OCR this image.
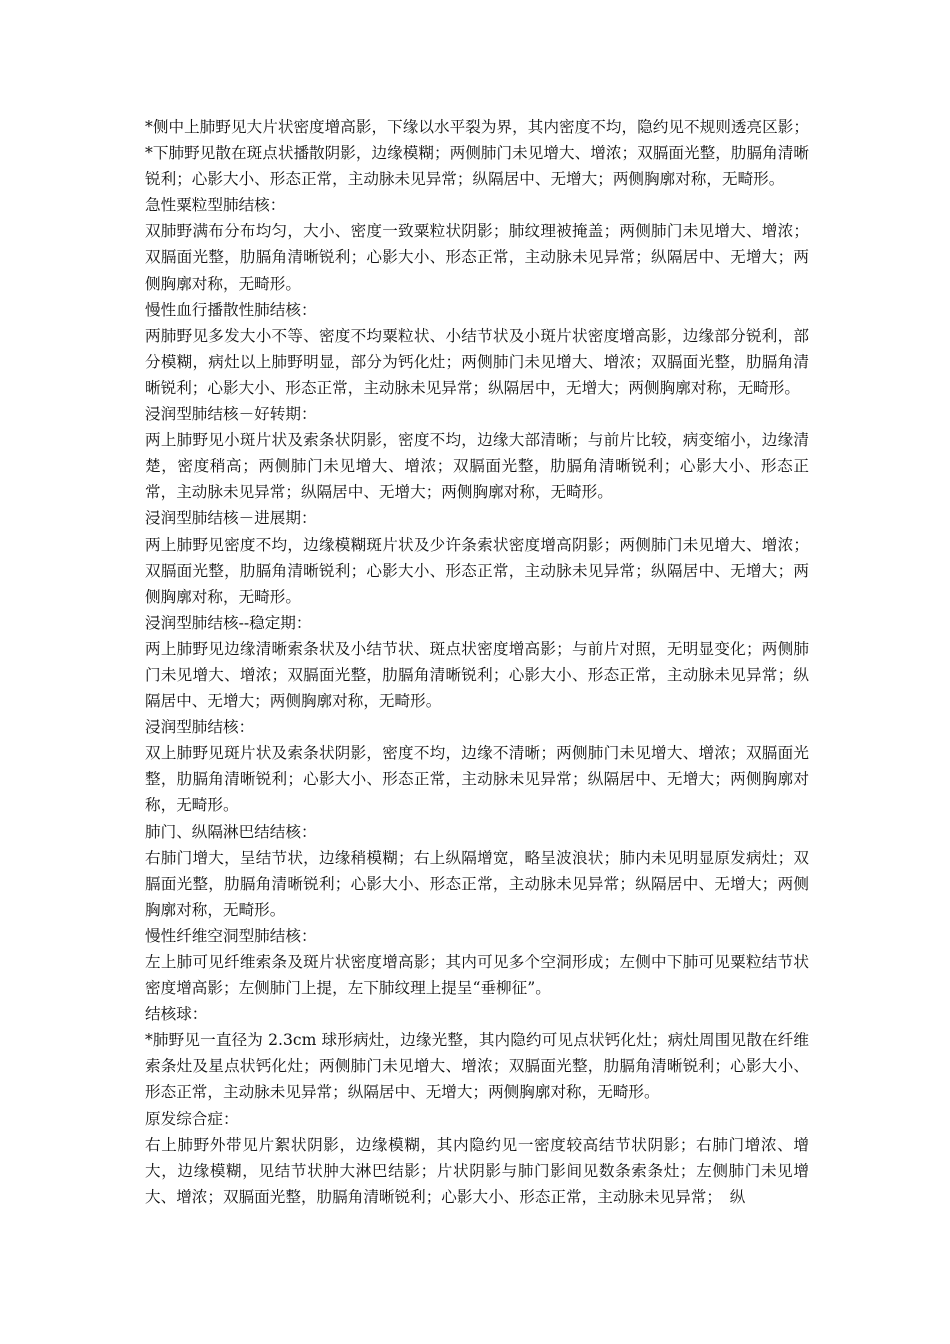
*侧中上肺野见大片状密度增高影，下缘以水平裂为界，其内密度不均，隐约见不规则透亮区影；*下肺野见散在斑点状播散阴影，边缘模糊；两侧肺门未见增大、增浓；双膈面光整，肋膈角清晰锐利；心影大小、形态正常，主动脉未见异常；纵隔居中、无增大；两侧胸廓对称，无畸形。

急性粟粒型肺结核：

双肺野满布分布均匀，大小、密度一致粟粒状阴影；肺纹理被掩盖；两侧肺门未见增大、增浓；双膈面光整，肋膈角清晰锐利；心影大小、形态正常，主动脉未见异常；纵隔居中、无增大；两侧胸廓对称，无畸形。

慢性血行播散性肺结核：

两肺野见多发大小不等、密度不均粟粒状、小结节状及小斑片状密度增高影，边缘部分锐利，部分模糊，病灶以上肺野明显，部分为钙化灶；两侧肺门未见增大、增浓；双膈面光整，肋膈角清晰锐利；心影大小、形态正常，主动脉未见异常；纵隔居中，无增大；两侧胸廓对称，无畸形。

浸润型肺结核－好转期：

两上肺野见小斑片状及索条状阴影，密度不均，边缘大部清晰；与前片比较，病变缩小，边缘清楚，密度稍高；两侧肺门未见增大、增浓；双膈面光整，肋膈角清晰锐利；心影大小、形态正常，主动脉未见异常；纵隔居中、无增大；两侧胸廓对称，无畸形。

浸润型肺结核－进展期：

两上肺野见密度不均，边缘模糊斑片状及少许条索状密度增高阴影；两侧肺门未见增大、增浓；双膈面光整，肋膈角清晰锐利；心影大小、形态正常，主动脉未见异常；纵隔居中、无增大；两侧胸廓对称，无畸形。

浸润型肺结核--稳定期：

两上肺野见边缘清晰索条状及小结节状、斑点状密度增高影；与前片对照，无明显变化；两侧肺门未见增大、增浓；双膈面光整，肋膈角清晰锐利；心影大小、形态正常，主动脉未见异常；纵隔居中、无增大；两侧胸廓对称，无畸形。

浸润型肺结核：

双上肺野见斑片状及索条状阴影，密度不均，边缘不清晰；两侧肺门未见增大、增浓；双膈面光整，肋膈角清晰锐利；心影大小、形态正常，主动脉未见异常；纵隔居中、无增大；两侧胸廓对称，无畸形。

肺门、纵隔淋巴结结核：

右肺门增大，呈结节状，边缘稍模糊；右上纵隔增宽，略呈波浪状；肺内未见明显原发病灶；双膈面光整，肋膈角清晰锐利；心影大小、形态正常，主动脉未见异常；纵隔居中、无增大；两侧胸廓对称，无畸形。

慢性纤维空洞型肺结核：

左上肺可见纤维索条及斑片状密度增高影；其内可见多个空洞形成；左侧中下肺可见粟粒结节状密度增高影；左侧肺门上提，左下肺纹理上提呈“垂柳征”。

结核球：

*肺野见一直径为 2.3cm 球形病灶，边缘光整，其内隐约可见点状钙化灶；病灶周围见散在纤维索条灶及星点状钙化灶；两侧肺门未见增大、增浓；双膈面光整，肋膈角清晰锐利；心影大小、形态正常，主动脉未见异常；纵隔居中、无增大；两侧胸廓对称，无畸形。

原发综合症：

右上肺野外带见片絮状阴影，边缘模糊，其内隐约见一密度较高结节状阴影；右肺门增浓、增大，边缘模糊，见结节状肿大淋巴结影；片状阴影与肺门影间见数条索条灶；左侧肺门未见增大、增浓；双膈面光整，肋膈角清晰锐利；心影大小、形态正常，主动脉未见异常；　纵
